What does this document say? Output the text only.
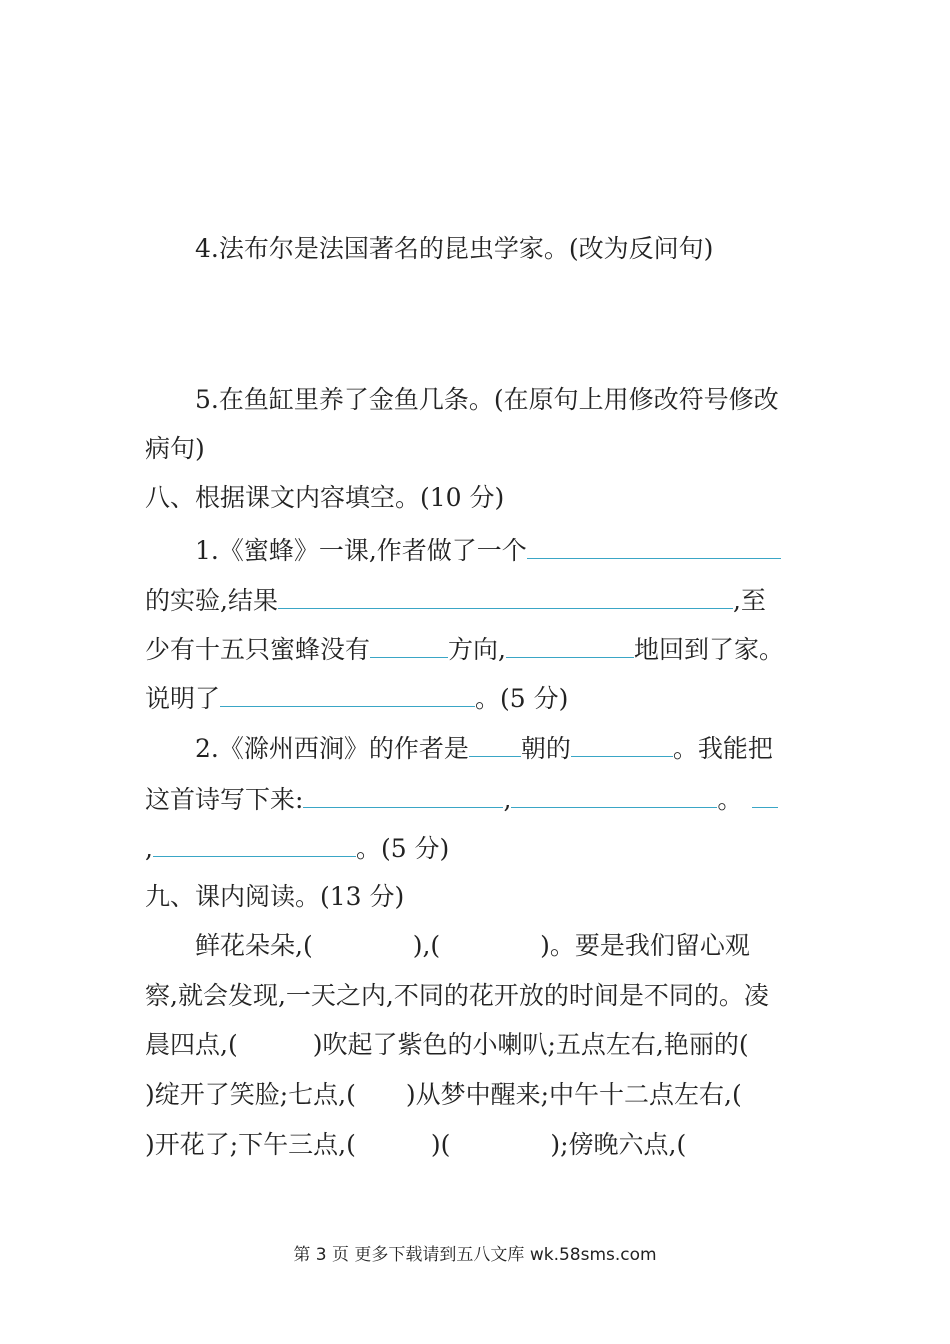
4.法布尔是法国著名的昆虫学家。(改为反问句)
5.在鱼缸里养了金鱼几条。(在原句上用修改符号修改
病句)
八、根据课文内容填空。(10 分)
1.《蜜蜂》一课,作者做了一个
的实验,结果	,至
少有十五只蜜蜂没有	方向,	地回到了家。
说明了	。(5 分)
2.《滁州西涧》的作者是 朝的	。我能把
这首诗写下来:	,	。
,	。(5 分)
九、课内阅读。(13 分)
鲜花朵朵,(　　　　),(　　　　)。要是我们留心观
察,就会发现,一天之内,不同的花开放的时间是不同的。凌
晨四点,(　　　)吹起了紫色的小喇叭;五点左右,艳丽的(
)绽开了笑脸;七点,(　　)从梦中醒来;中午十二点左右,(
)开花了;下午三点,(　　　)(　　　　);傍晚六点,(
第 3 页 更多下载请到五八文库 wk.58sms.com
